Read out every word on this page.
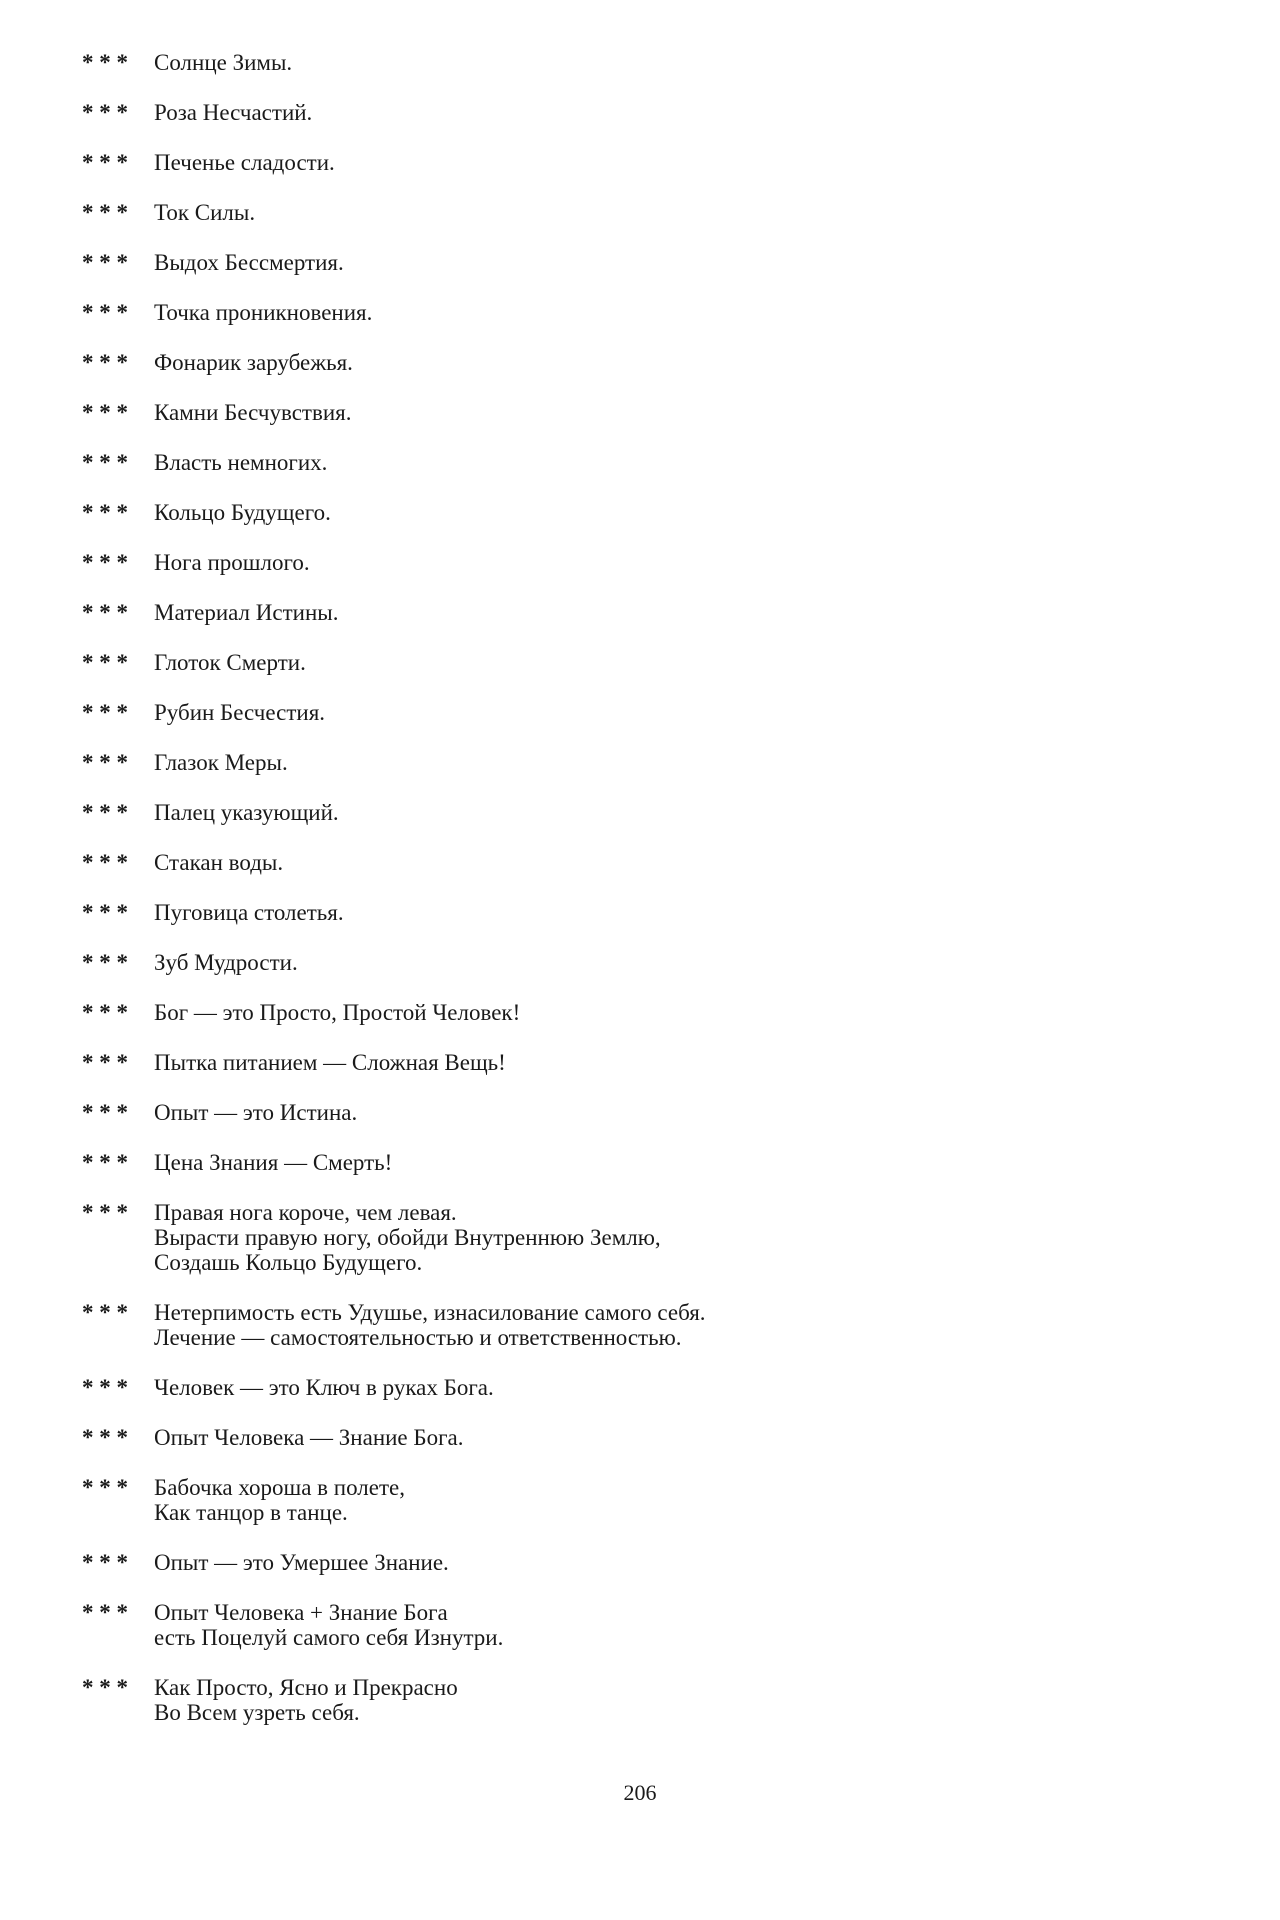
* * *	Солнце Зимы.
* * *	Роза Несчастий.
* * *	Печенье сладости.
* * *	Ток Силы.
* * *	Выдох Бессмертия.
* * *	Точка проникновения.
* * *	Фонарик зарубежья.
* * *	Камни Бесчувствия.
* * *	Власть немногих.
* * *	Кольцо Будущего.
* * *	Нога прошлого.
* * *	Материал Истины.
* * *	Глоток Смерти.
* * *	Рубин Бесчестия.
* * *	Глазок Меры.
* * *	Палец указующий.
* * *	Стакан воды.
* * *	Пуговица столетья.
* * *	Зуб Мудрости.
* * *	Бог — это Просто, Простой Человек!
* * *	Пытка питанием — Сложная Вещь!
* * *	Опыт — это Истина.
* * *	Цена Знания — Смерть!
* * *	Правая нога короче, чем левая.
Вырасти правую ногу, обойди Внутреннюю Землю,
Создашь Кольцо Будущего.
* * *	Нетерпимость есть Удушье, изнасилование самого себя.
Лечение — самостоятельностью и ответственностью.
* * *	Человек — это Ключ в руках Бога.
* * *	Опыт Человека — Знание Бога.
* * *	Бабочка хороша в полете,
Как танцор в танце.
* * *	Опыт — это Умершее Знание.
* * *	Опыт Человека + Знание Бога
есть Поцелуй самого себя Изнутри.
* * *	Как Просто, Ясно и Прекрасно
Во Всем узреть себя.
206
